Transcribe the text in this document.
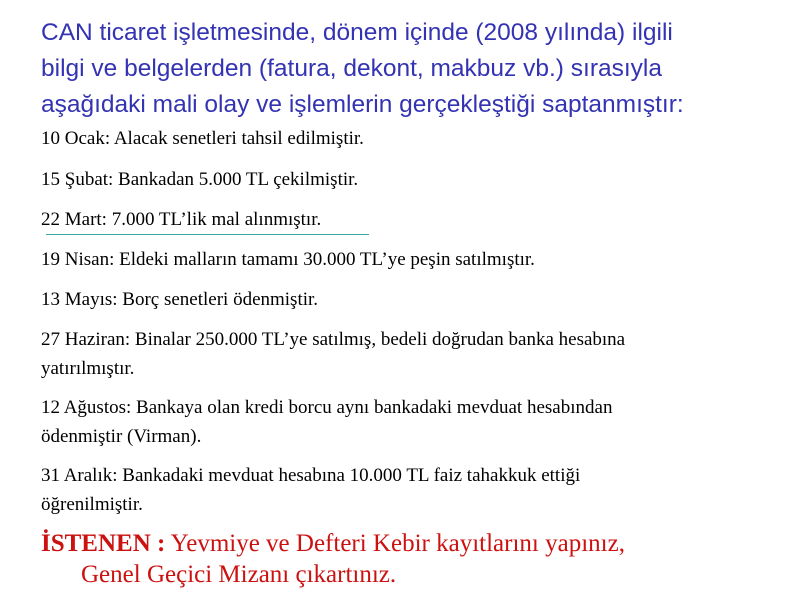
CAN ticaret işletmesinde, dönem içinde (2008 yılında) ilgili
bilgi ve belgelerden (fatura, dekont, makbuz vb.) sırasıyla
aşağıdaki mali olay ve işlemlerin gerçekleştiği saptanmıştır:

10 Ocak: Alacak senetleri tahsil edilmiştir.

15 Şubat: Bankadan 5.000 TL çekilmiştir.

22 Mart: 7.000 TL’lik mal alınmıştır.

19 Nisan: Eldeki malların tamamı 30.000 TL’ye peşin satılmıştır.

13 Mayıs: Borç senetleri ödenmiştir.

27 Haziran: Binalar 250.000 TL’ye satılmış, bedeli doğrudan banka hesabına
yatırılmıştır.

12 Ağustos: Bankaya olan kredi borcu aynı bankadaki mevduat hesabından
ödenmiştir (Virman).

31 Aralık: Bankadaki mevduat hesabına 10.000 TL faiz tahakkuk ettiği
öğrenilmiştir.

İSTENEN : Yevmiye ve Defteri Kebir kayıtlarını yapınız,
Genel Geçici Mizanı çıkartınız.
